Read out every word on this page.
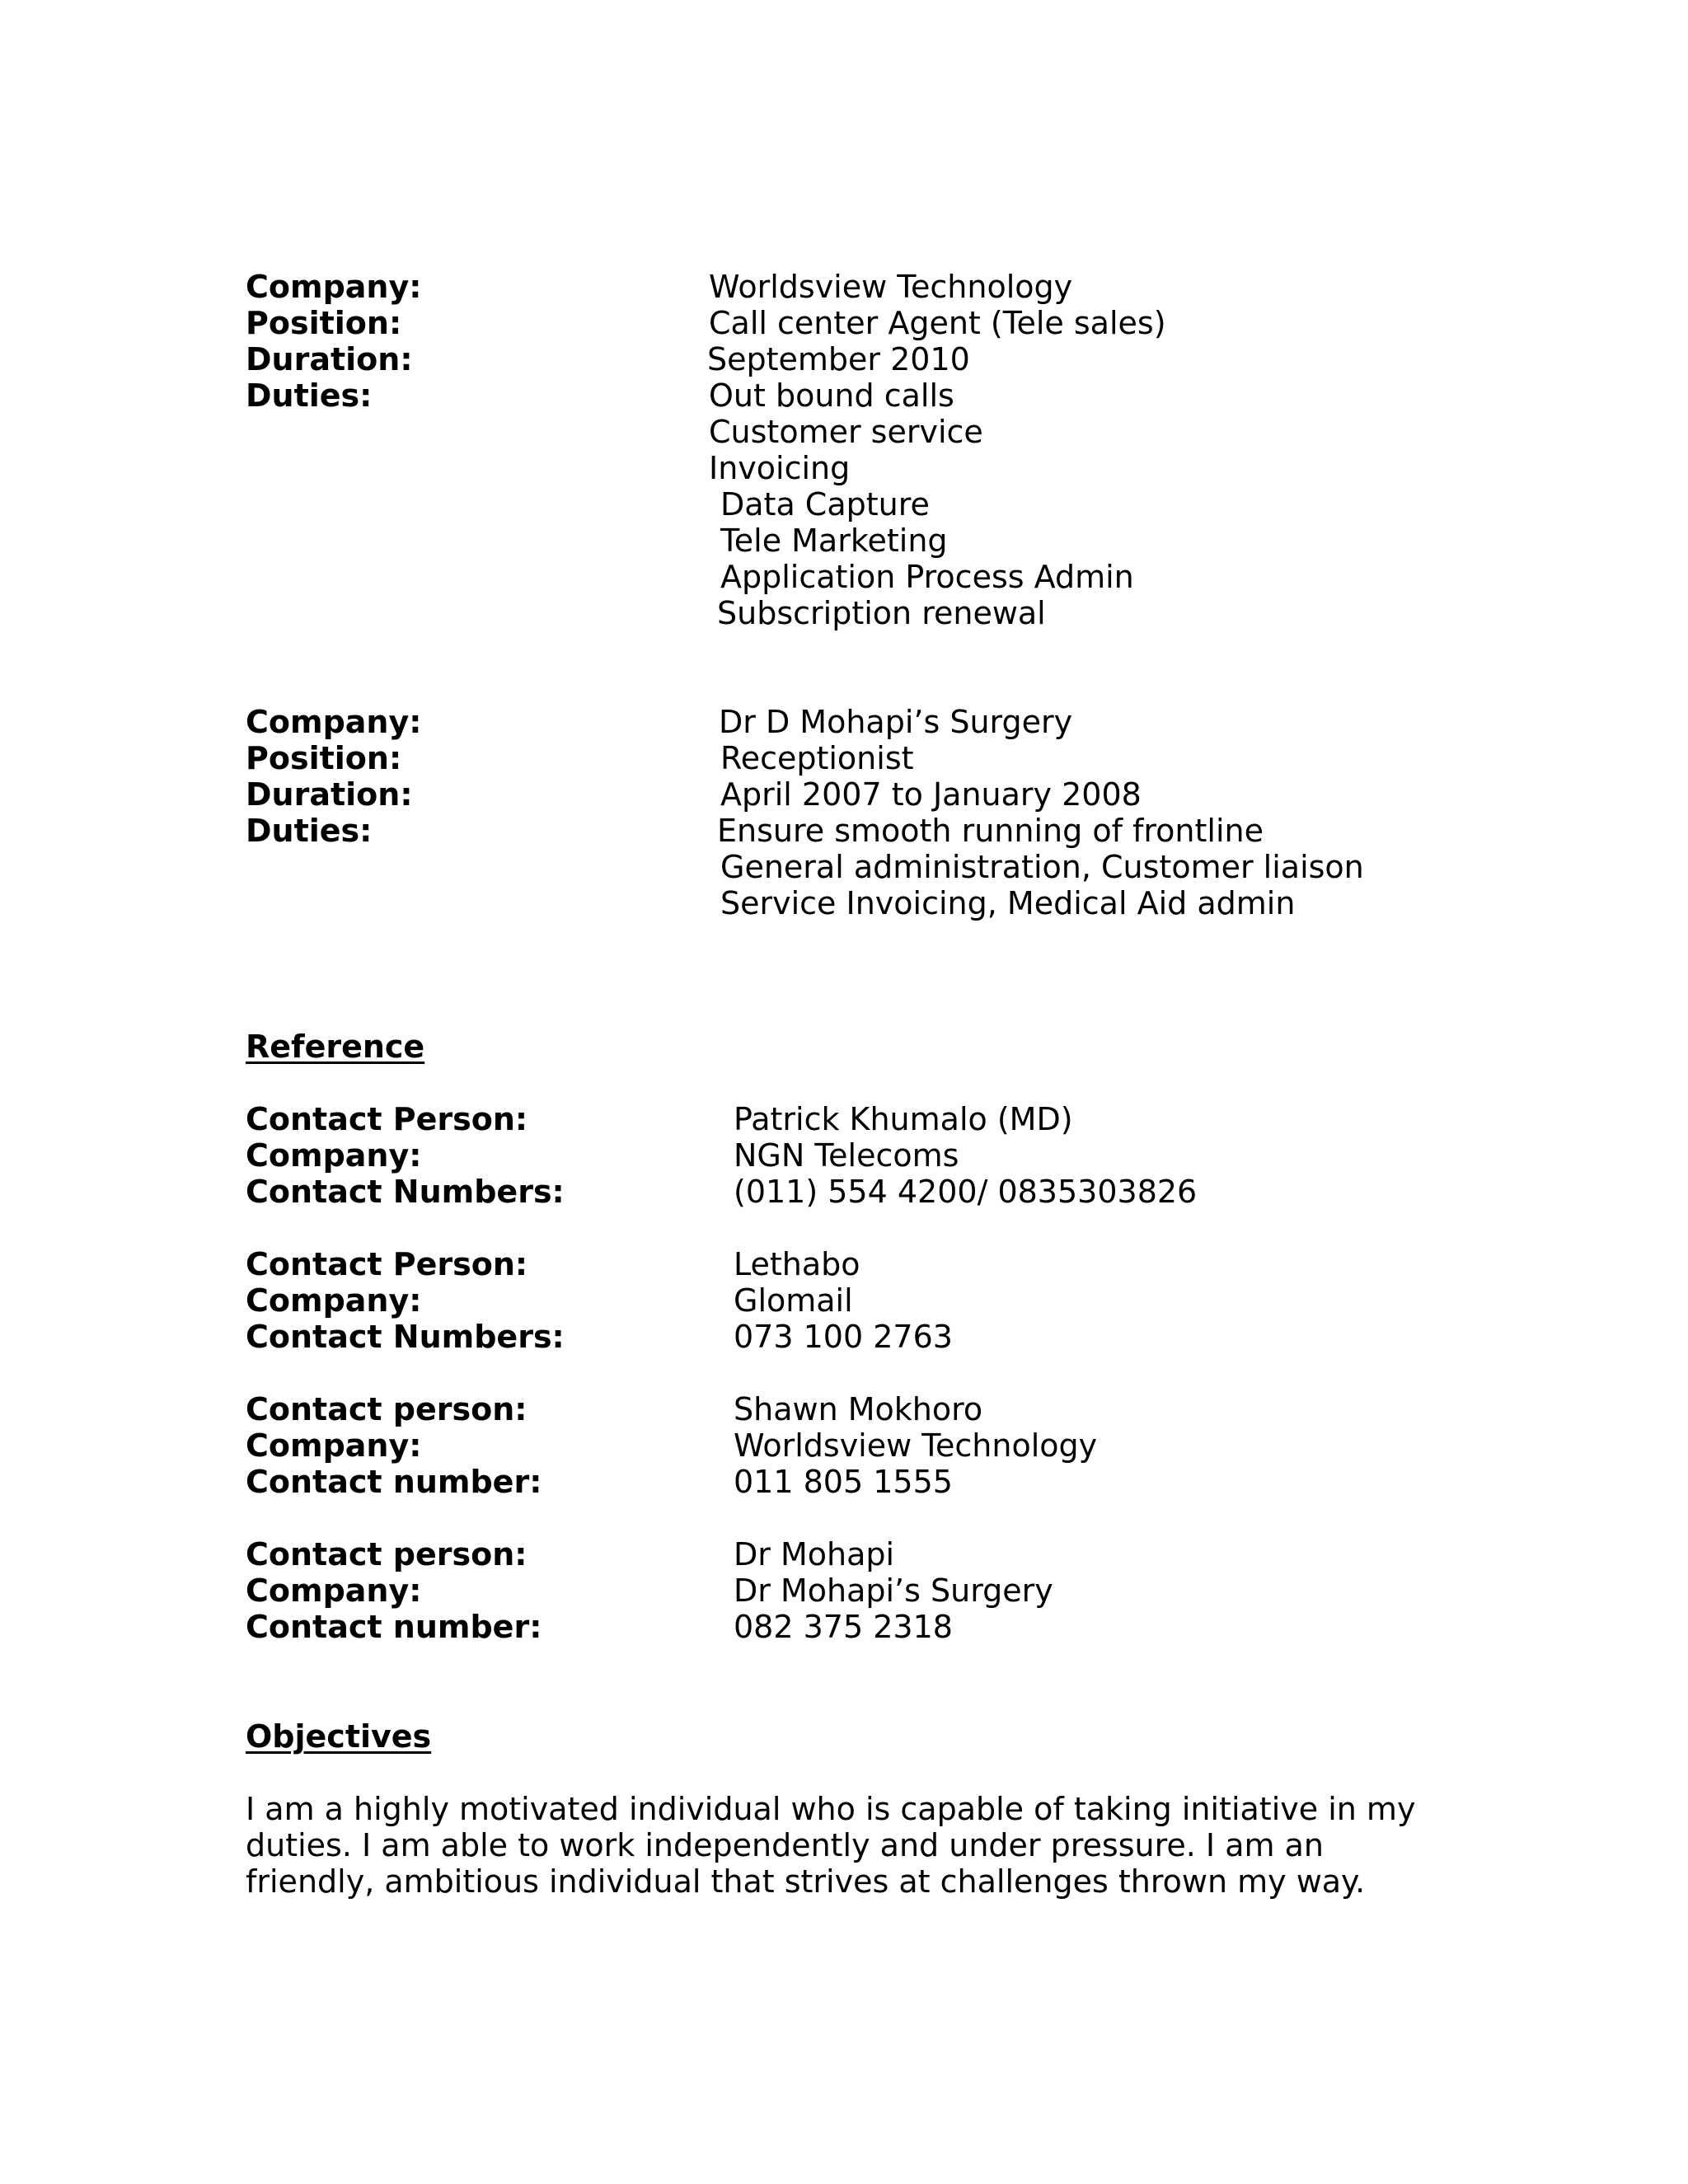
Company:	Worldsview Technology
Position:	Call center Agent (Tele sales)
Duration:	September 2010
Duties:	Out bound calls
Customer service
Invoicing
Data Capture
Tele Marketing
Application Process Admin
Subscription renewal
Company:	Dr D Mohapi’s Surgery
Position:	Receptionist
Duration:	April 2007 to January 2008
Duties:	Ensure smooth running of frontline
General administration, Customer liaison
Service Invoicing, Medical Aid admin
Reference
Contact Person:	Patrick Khumalo (MD)
Company:	NGN Telecoms
Contact Numbers:	(011) 554 4200/ 0835303826
Contact Person:	Lethabo
Company:	Glomail
Contact Numbers:	073 100 2763
Contact person:	Shawn Mokhoro
Company:	Worldsview Technology
Contact number:	011 805 1555
Contact person:	Dr Mohapi
Company:	Dr Mohapi’s Surgery
Contact number:	082 375 2318
Objectives
I am a highly motivated individual who is capable of taking initiative in my
duties. I am able to work independently and under pressure. I am an
friendly, ambitious individual that strives at challenges thrown my way.
